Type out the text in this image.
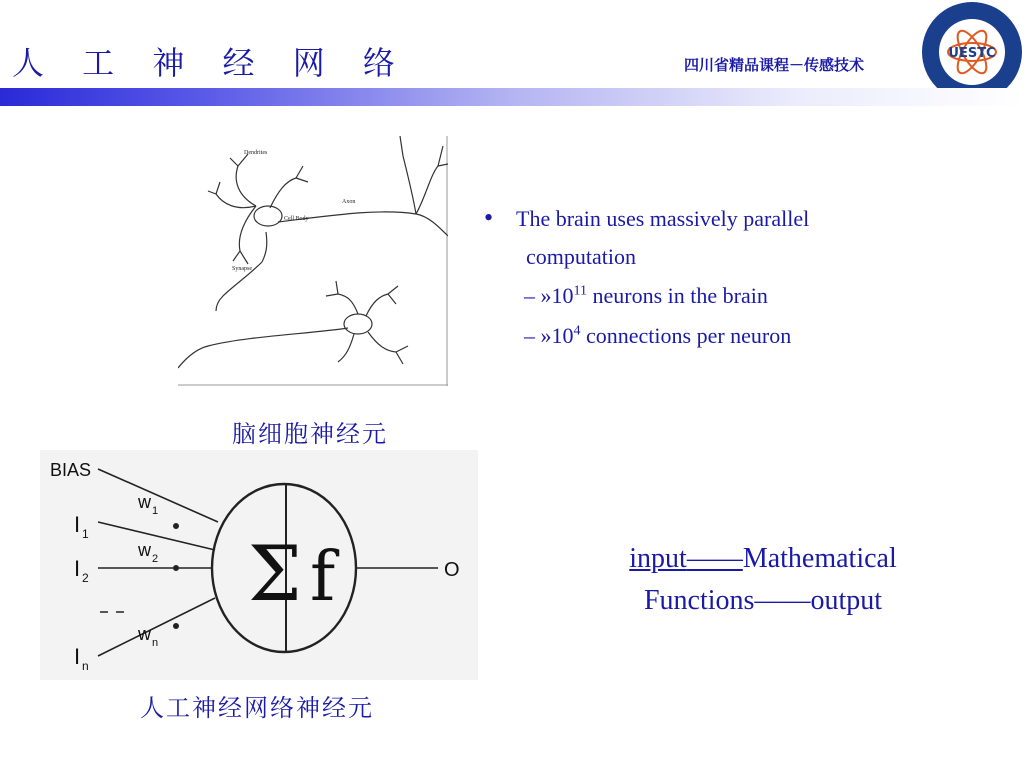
人 工 神 经 网 络	四川省精品课程－传感技术
UESTC
Dendrites
Axon
Cell Body
Synapse
脑细胞神经元
BIAS
w 1
w 2
w n
I 1
I 2
I n
Σ f	O
人工神经网络神经元
• The brain uses massively parallel
computation
– $»10^{11}$ neurons in the brain
– $»10^4$ connections per neuron
input——Mathematical
Functions——output
